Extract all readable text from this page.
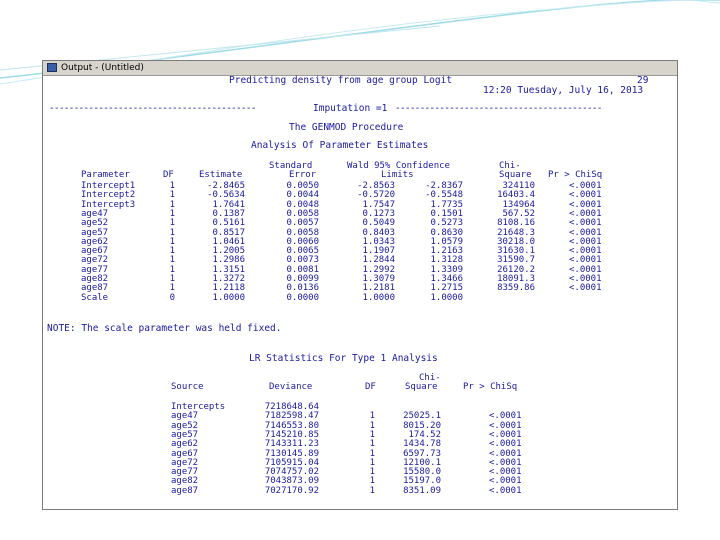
Output - (Untitled)
Predicting density from age group Logit	29
12:20 Tuesday, July 16, 2013
------------------------------------------	Imputation =1 ------------------------------------------
The GENMOD Procedure
Analysis Of Parameter Estimates
Standard	Wald 95% Confidence	Chi-
Parameter	DF	Estimate	Error	Limits	Square Pr > ChiSq
Intercept1	1	-2.8465	0.0050	-2.8563	-2.8367	324110	<.0001
Intercept2	1	-0.5634	0.0044	-0.5720	-0.5548	16403.4	<.0001
Intercept3	1	1.7641	0.0048	1.7547	1.7735	134964	<.0001
age47	1	0.1387	0.0058	0.1273	0.1501	567.52	<.0001
age52	1	0.5161	0.0057	0.5049	0.5273	8108.16	<.0001
age57	1	0.8517	0.0058	0.8403	0.8630	21648.3	<.0001
age62	1	1.0461	0.0060	1.0343	1.0579	30218.0	<.0001
age67	1	1.2005	0.0065	1.1907	1.2163	31630.1	<.0001
age72	1	1.2986	0.0073	1.2844	1.3128	31590.7	<.0001
age77	1	1.3151	0.0081	1.2992	1.3309	26120.2	<.0001
age82	1	1.3272	0.0099	1.3079	1.3466	18091.3	<.0001
age87	1	1.2118	0.0136	1.2181	1.2715	8359.86	<.0001
Scale	0	1.0000	0.0000	1.0000	1.0000
NOTE: The scale parameter was held fixed.
LR Statistics For Type 1 Analysis
Chi-
Source	Deviance	DF	Square	Pr > ChiSq
Intercepts	7218648.64
age47	7182598.47	1	25025.1	<.0001
age52	7146553.80	1	8015.20	<.0001
age57	7145210.85	1	174.52	<.0001
age62	7143311.23	1	1434.78	<.0001
age67	7130145.89	1	6597.73	<.0001
age72	7105915.04	1	12100.1	<.0001
age77	7074757.02	1	15580.0	<.0001
age82	7043873.09	1	15197.0	<.0001
age87	7027170.92	1	8351.09	<.0001
